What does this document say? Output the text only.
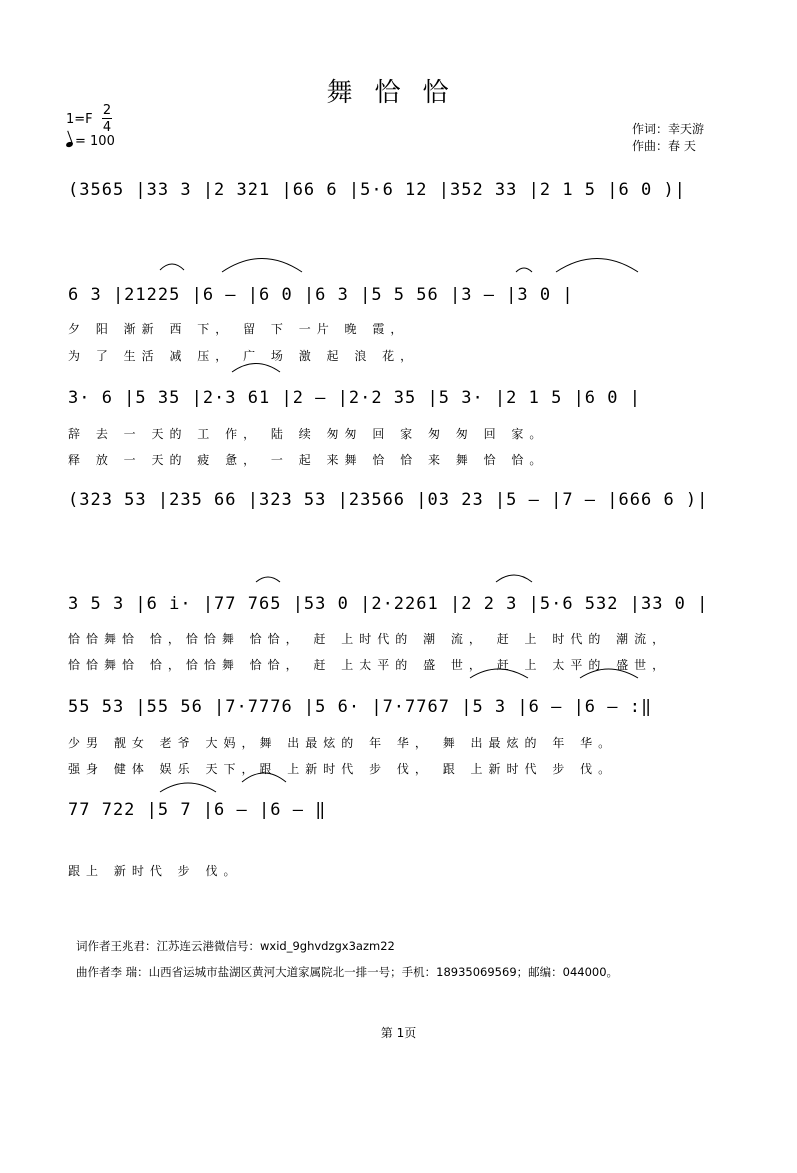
舞恰恰
1=F
2
4
= 100
作词：幸天游
作曲：春 天
(3565 |33 3 |2 321 |66 6 |5·6 12 |352 33 |2 1 5 |6 0 )|
6 3 |21225 |6 – |6 0 |6 3 |5 5 56 |3 – |3 0 |
夕 阳 渐新 西 下， 留 下 一片 晚 霞，
为 了 生活 减 压， 广 场 激 起 浪 花，
3· 6 |5 35 |2·3 61 |2 – |2·2 35 |5 3· |2 1 5 |6 0 |
辞 去 一 天的 工 作， 陆 续 匆匆 回 家 匆 匆 回 家。
释 放 一 天的 疲 惫， 一 起 来舞 恰 恰 来 舞 恰 恰。
(323 53 |235 66 |323 53 |23566 |03 23 |5 – |7 – |666 6 )|
3 5 3 |6 i· |77 765 |53 0 |2·2261 |2 2 3 |5·6 532 |33 0 |
恰恰舞恰 恰，恰恰舞 恰恰， 赶 上时代的 潮 流， 赶 上 时代的 潮流，
恰恰舞恰 恰，恰恰舞 恰恰， 赶 上太平的 盛 世， 赶 上 太平的 盛世，
55 53 |55 56 |7·7776 |5 6· |7·7767 |5 3 |6 – |6 – :‖
少男 靓女 老爷 大妈，舞 出最炫的 年 华， 舞 出最炫的 年 华。
强身 健体 娱乐 天下，跟 上新时代 步 伐， 跟 上新时代 步 伐。
77 722 |5 7 |6 – |6 – ‖
跟上 新时代 步 伐。
词作者王兆君：江苏连云港微信号：wxid_9ghvdzgx3azm22
曲作者李 瑞：山西省运城市盐湖区黄河大道家属院北一排一号；手机：18935069569；邮编：044000。
第 1页
